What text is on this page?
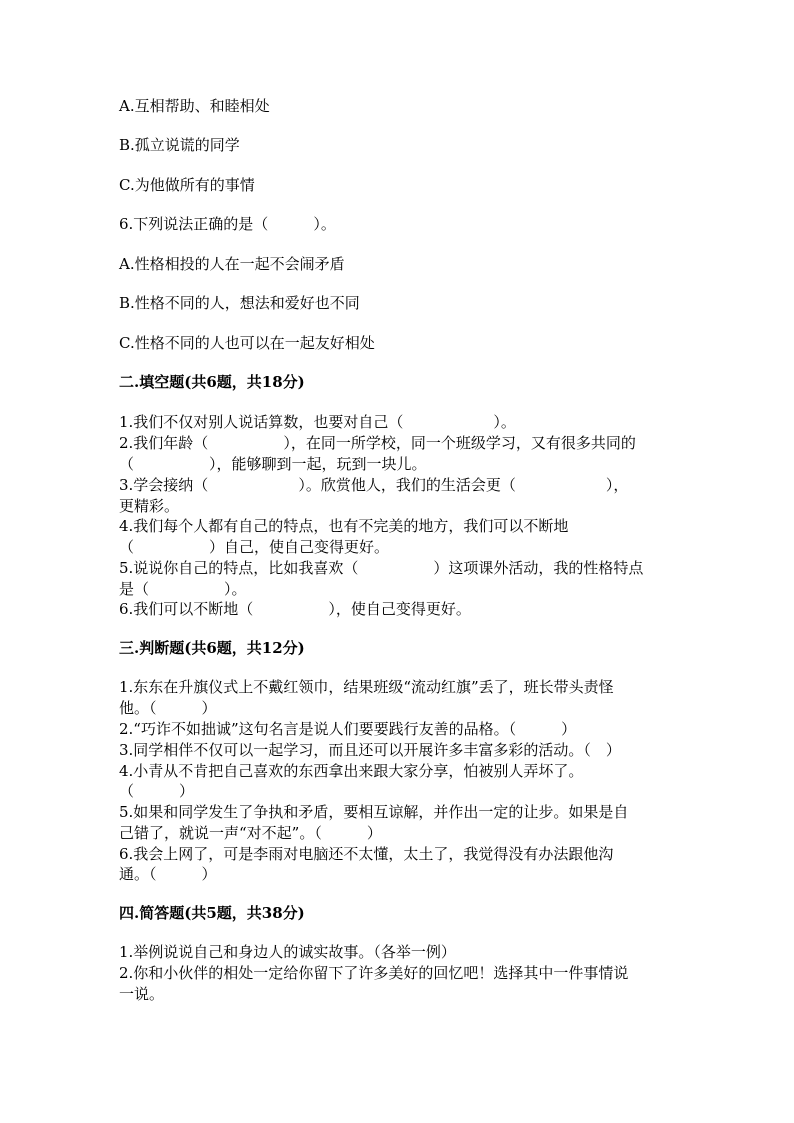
A.互相帮助、和睦相处
B.孤立说谎的同学
C.为他做所有的事情
6.下列说法正确的是（　　　）。
A.性格相投的人在一起不会闹矛盾
B.性格不同的人，想法和爱好也不同
C.性格不同的人也可以在一起友好相处
二.填空题(共6题，共18分)
1.我们不仅对别人说话算数，也要对自己（　　　　　　）。
2.我们年龄（　　　　　），在同一所学校，同一个班级学习，又有很多共同的
（　　　　　），能够聊到一起，玩到一块儿。
3.学会接纳（　　　　　　）。欣赏他人，我们的生活会更（　　　　　　），
更精彩。
4.我们每个人都有自己的特点，也有不完美的地方，我们可以不断地
（　　　　　）自己，使自己变得更好。
5.说说你自己的特点，比如我喜欢（　　　　　）这项课外活动，我的性格特点
是（　　　　　）。
6.我们可以不断地（　　　　　），使自己变得更好。
三.判断题(共6题，共12分)
1.东东在升旗仪式上不戴红领巾，结果班级“流动红旗”丢了，班长带头责怪
他。（　　　）
2.“巧诈不如拙诚”这句名言是说人们要要践行友善的品格。（　　　）
3.同学相伴不仅可以一起学习，而且还可以开展许多丰富多彩的活动。（　）
4.小青从不肯把自己喜欢的东西拿出来跟大家分享，怕被别人弄坏了。
（　　　）
5.如果和同学发生了争执和矛盾，要相互谅解，并作出一定的让步。如果是自
己错了，就说一声“对不起”。（　　　）
6.我会上网了，可是李雨对电脑还不太懂，太土了，我觉得没有办法跟他沟
通。（　　　）
四.简答题(共5题，共38分)
1.举例说说自己和身边人的诚实故事。（各举一例）
2.你和小伙伴的相处一定给你留下了许多美好的回忆吧！选择其中一件事情说
一说。
